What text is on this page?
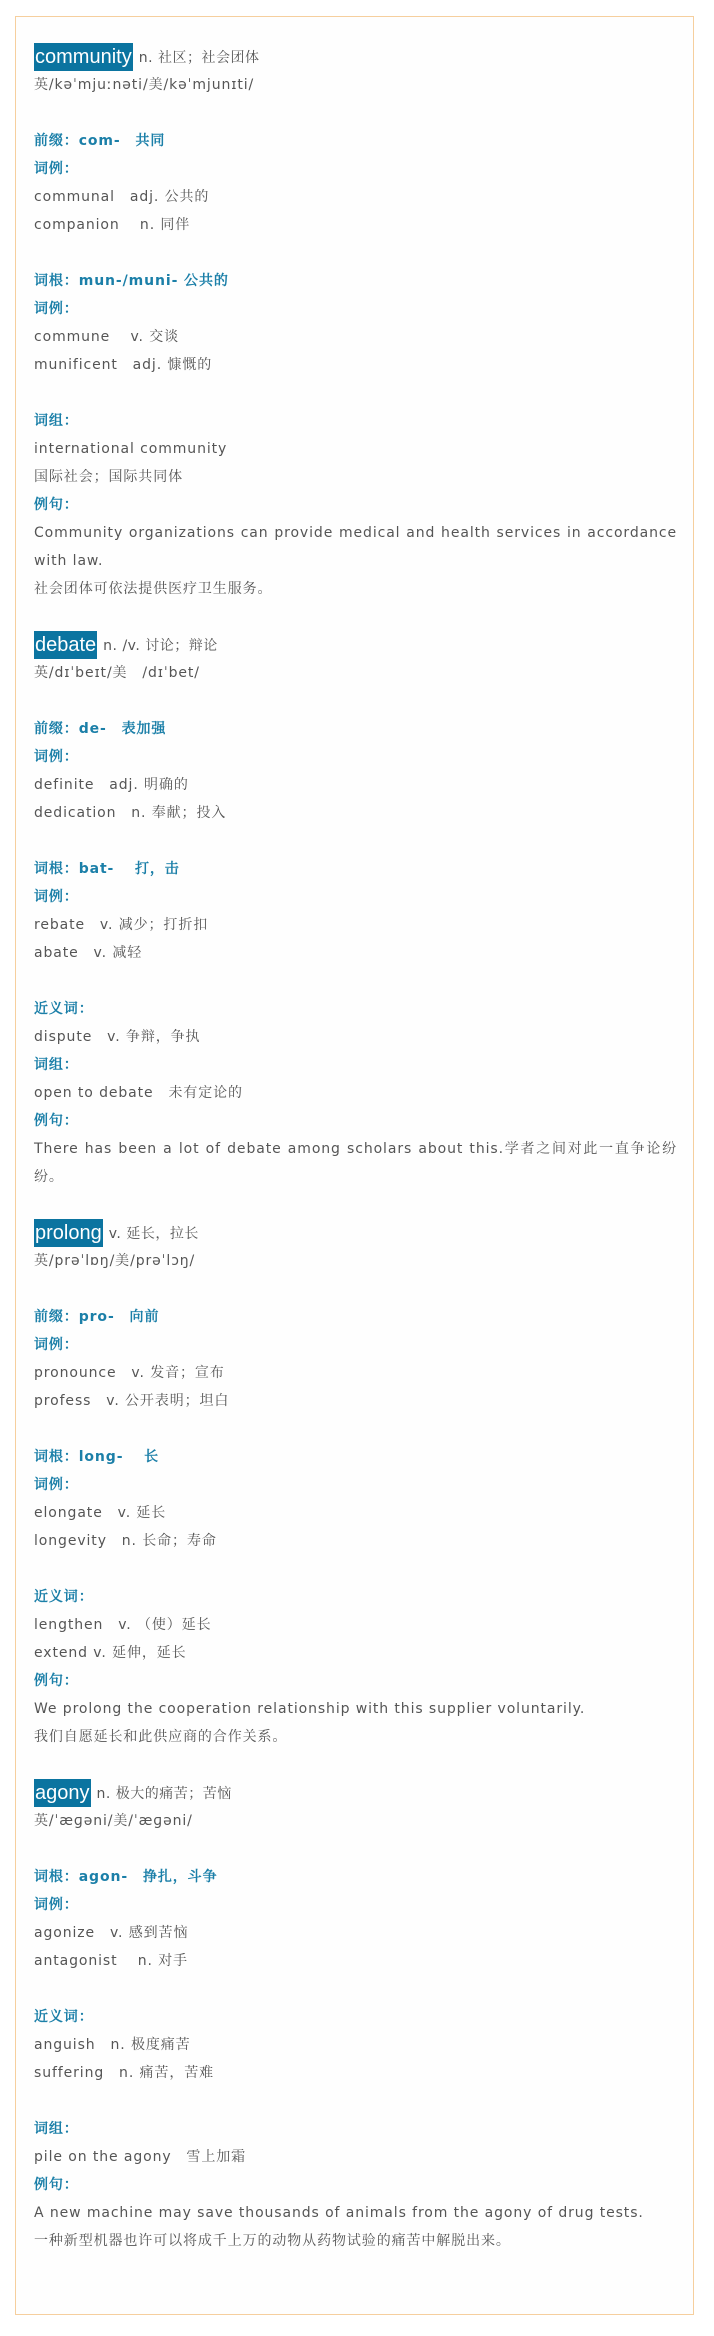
community n. 社区；社会团体
英/kəˈmjuːnəti/美/kəˈmjunɪti/
前缀：com-　共同
词例：
communal　adj. 公共的
companion　 n. 同伴
词根：mun-/muni- 公共的
词例：
commune　 v. 交谈
munificent　adj. 慷慨的
词组：
international community
国际社会；国际共同体
例句：
Community organizations can provide medical and health services in accordance with law.
社会团体可依法提供医疗卫生服务。
debate n. /v. 讨论；辩论
英/dɪˈbeɪt/美　/dɪˈbet/
前缀：de-　表加强
词例：
definite　adj. 明确的
dedication　n. 奉献；投入
词根：bat-　 打，击
词例：
rebate　v. 减少；打折扣
abate　v. 减轻
近义词：
dispute　v. 争辩，争执
词组：
open to debate　未有定论的
例句：
There has been a lot of debate among scholars about this.学者之间对此一直争论纷纷。
prolong v. 延长，拉长
英/prəˈlɒŋ/美/prəˈlɔŋ/
前缀：pro-　向前
词例：
pronounce　v. 发音；宣布
profess　v. 公开表明；坦白
词根：long-　 长
词例：
elongate　v. 延长
longevity　n. 长命；寿命
近义词：
lengthen　v. （使）延长
extend v. 延伸，延长
例句：
We prolong the cooperation relationship with this supplier voluntarily.
我们自愿延长和此供应商的合作关系。
agony n. 极大的痛苦；苦恼
英/ˈæɡəni/美/ˈæɡəni/
词根：agon-　挣扎，斗争
词例：
agonize　v. 感到苦恼
antagonist　 n. 对手
近义词：
anguish　n. 极度痛苦
suffering　n. 痛苦，苦难
词组：
pile on the agony　雪上加霜
例句：
A new machine may save thousands of animals from the agony of drug tests.
一种新型机器也许可以将成千上万的动物从药物试验的痛苦中解脱出来。
